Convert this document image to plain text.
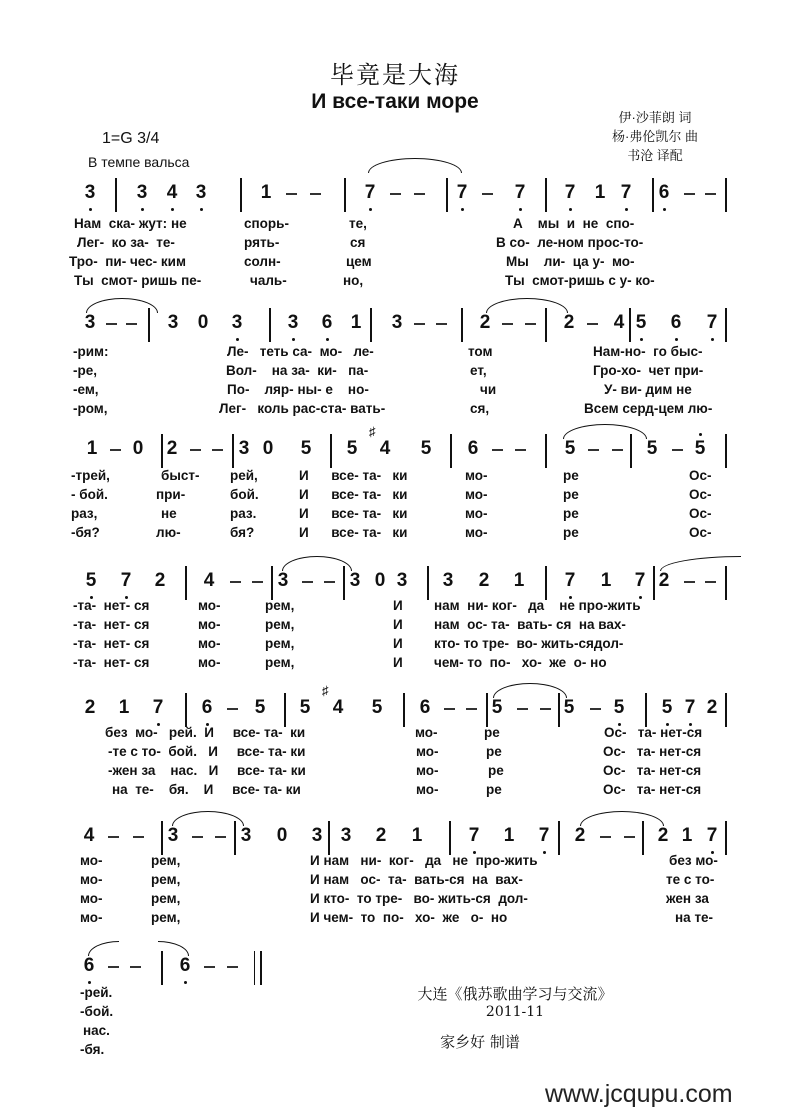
毕竟是大海
И все-таки море
伊·沙菲朗 词
杨·弗伦凯尔 曲
书沧 译配
1=G 3/4
В темпе вальса
3 3 4 3	1	7	7 7 7 1 7 6
Нам ска- жут: не	спорь-	те,	А мы и не спо-
Лег- ко за- те-	рять-	ся	В со- ле-ном прос-то-
Тро- пи- чес- ким	солн-	цем	Мы ли- ца у- мо-
Ты смот- ришь пе-	чаль-	но,	Ты смот-ришь с у- ко-
3	3 0 3 3 6 1 3	2	2 4 5 6 7
-рим:	Ле- теть са- мо- ле-	том	Нам-но- го быс-
-ре,	Вол- на за- ки- па-	ет,	Гро-хо- чет при-
-ем,	По- ляр- ны- е но-	чи	У- ви- дим не
-ром,	Лег- коль рас-ста- вать-	ся,	Всем серд-цем лю-
1 0 2	3 0 5 5
♯
4 5 6	5	5 5
-трей,	быст- рей,	И все- та- ки	мо-	ре	Ос-
- бой.	при-	бой.	И все- та- ки	мо-	ре	Ос-
раз,	не	раз.	И все- та- ки	мо-	ре	Ос-
-бя?	лю-	бя?	И все- та- ки	мо-	ре	Ос-
5 7 2 4	3	3 0 3 3 2 1 7 1 7 2
-та- нет- ся	мо-	рем,	И нам ни- ког- да не про-жить
-та- нет- ся	мо-	рем,	И нам ос- та- вать- ся на вах-
-та- нет- ся	мо-	рем,	И кто- то тре- во- жить-сядол-
-та- нет- ся	мо-	рем,	И чем- то по- хо- же о- но
2 1 7 6 5 5
♯
4 5 6	5	5 5 5 7 2
без мо- рей. И все- та- ки	мо-	ре	Ос- та- нет-ся
-те с то- бой. И все- та- ки	мо-	ре	Ос- та- нет-ся
-жен за нас. И все- та- ки	мо-	ре	Ос- та- нет-ся
на те- бя. И все- та- ки	мо-	ре	Ос- та- нет-ся
4	3	3 0 3 3 2 1 7 1 7 2	2 1 7
мо-	рем,	И нам ни- ког- да не про-жить	без мо-
мо-	рем,	И нам ос- та- вать-ся на вах-	те с то-
мо-	рем,	И кто- то тре- во- жить-ся дол-	жен за
мо-	рем,	И чем- то по- хо- же о- но	на те-
6	6
-рей.
-бой.
нас.
-бя.
大连《俄苏歌曲学习与交流》
2011-11
家乡好 制谱
www.jcqupu.com
